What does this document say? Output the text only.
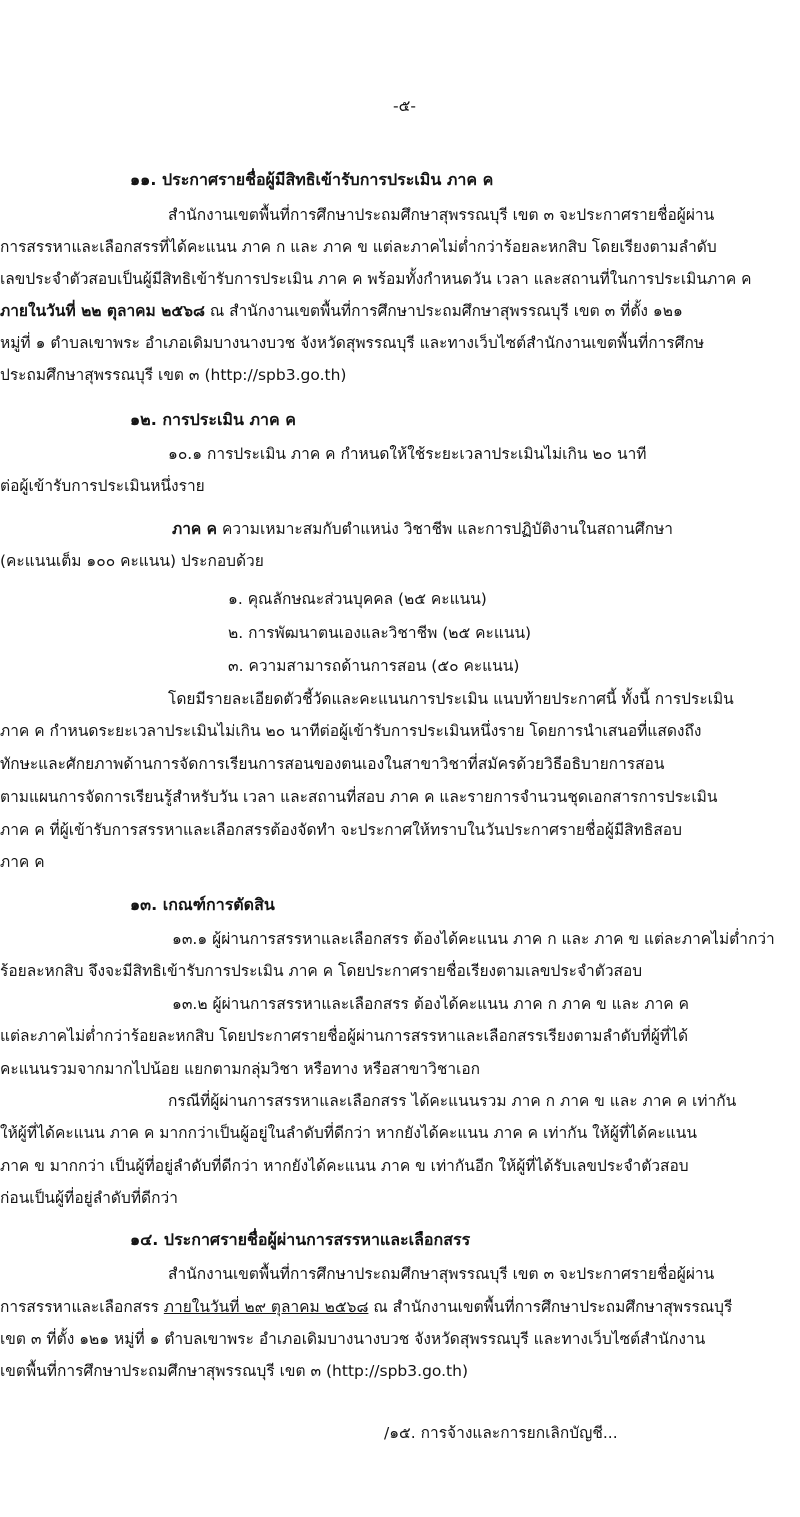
-๕-

๑๑. ประกาศรายชื่อผู้มีสิทธิเข้ารับการประเมิน ภาค ค

สำนักงานเขตพื้นที่การศึกษาประถมศึกษาสุพรรณบุรี เขต ๓ จะประกาศรายชื่อผู้ผ่าน

การสรรหาและเลือกสรรที่ได้คะแนน ภาค ก และ ภาค ข แต่ละภาคไม่ต่ำกว่าร้อยละหกสิบ โดยเรียงตามลำดับ

เลขประจำตัวสอบเป็นผู้มีสิทธิเข้ารับการประเมิน ภาค ค พร้อมทั้งกำหนดวัน เวลา และสถานที่ในการประเมินภาค ค

ภายในวันที่ ๒๒ ตุลาคม ๒๕๖๘ ณ สำนักงานเขตพื้นที่การศึกษาประถมศึกษาสุพรรณบุรี เขต ๓ ที่ตั้ง ๑๒๑

หมู่ที่ ๑ ตำบลเขาพระ อำเภอเดิมบางนางบวช จังหวัดสุพรรณบุรี และทางเว็บไซต์สำนักงานเขตพื้นที่การศึกษ

ประถมศึกษาสุพรรณบุรี เขต ๓ (http://spb3.go.th)

๑๒. การประเมิน ภาค ค

๑๐.๑ การประเมิน ภาค ค กำหนดให้ใช้ระยะเวลาประเมินไม่เกิน ๒๐ นาที

ต่อผู้เข้ารับการประเมินหนึ่งราย

ภาค ค ความเหมาะสมกับตำแหน่ง วิชาชีพ และการปฏิบัติงานในสถานศึกษา

(คะแนนเต็ม ๑๐๐ คะแนน) ประกอบด้วย

๑. คุณลักษณะส่วนบุคคล (๒๕ คะแนน)

๒. การพัฒนาตนเองและวิชาชีพ (๒๕ คะแนน)

๓. ความสามารถด้านการสอน (๕๐ คะแนน)

โดยมีรายละเอียดตัวชี้วัดและคะแนนการประเมิน แนบท้ายประกาศนี้ ทั้งนี้ การประเมิน

ภาค ค กำหนดระยะเวลาประเมินไม่เกิน ๒๐ นาทีต่อผู้เข้ารับการประเมินหนึ่งราย โดยการนำเสนอที่แสดงถึง

ทักษะและศักยภาพด้านการจัดการเรียนการสอนของตนเองในสาขาวิชาที่สมัครด้วยวิธีอธิบายการสอน

ตามแผนการจัดการเรียนรู้สำหรับวัน เวลา และสถานที่สอบ ภาค ค และรายการจำนวนชุดเอกสารการประเมิน

ภาค ค ที่ผู้เข้ารับการสรรหาและเลือกสรรต้องจัดทำ จะประกาศให้ทราบในวันประกาศรายชื่อผู้มีสิทธิสอบ

ภาค ค

๑๓. เกณฑ์การตัดสิน

๑๓.๑ ผู้ผ่านการสรรหาและเลือกสรร ต้องได้คะแนน ภาค ก และ ภาค ข แต่ละภาคไม่ต่ำกว่า

ร้อยละหกสิบ จึงจะมีสิทธิเข้ารับการประเมิน ภาค ค โดยประกาศรายชื่อเรียงตามเลขประจำตัวสอบ

๑๓.๒ ผู้ผ่านการสรรหาและเลือกสรร ต้องได้คะแนน ภาค ก ภาค ข และ ภาค ค

แต่ละภาคไม่ต่ำกว่าร้อยละหกสิบ โดยประกาศรายชื่อผู้ผ่านการสรรหาและเลือกสรรเรียงตามลำดับที่ผู้ที่ได้

คะแนนรวมจากมากไปน้อย แยกตามกลุ่มวิชา หรือทาง หรือสาขาวิชาเอก

กรณีที่ผู้ผ่านการสรรหาและเลือกสรร ได้คะแนนรวม ภาค ก ภาค ข และ ภาค ค เท่ากัน

ให้ผู้ที่ได้คะแนน ภาค ค มากกว่าเป็นผู้อยู่ในลำดับที่ดีกว่า หากยังได้คะแนน ภาค ค เท่ากัน ให้ผู้ที่ได้คะแนน

ภาค ข มากกว่า เป็นผู้ที่อยู่ลำดับที่ดีกว่า หากยังได้คะแนน ภาค ข เท่ากันอีก ให้ผู้ที่ได้รับเลขประจำตัวสอบ

ก่อนเป็นผู้ที่อยู่ลำดับที่ดีกว่า

๑๔. ประกาศรายชื่อผู้ผ่านการสรรหาและเลือกสรร

สำนักงานเขตพื้นที่การศึกษาประถมศึกษาสุพรรณบุรี เขต ๓ จะประกาศรายชื่อผู้ผ่าน

การสรรหาและเลือกสรร ภายในวันที่ ๒๙ ตุลาคม ๒๕๖๘ ณ สำนักงานเขตพื้นที่การศึกษาประถมศึกษาสุพรรณบุรี

เขต ๓ ที่ตั้ง ๑๒๑ หมู่ที่ ๑ ตำบลเขาพระ อำเภอเดิมบางนางบวช จังหวัดสุพรรณบุรี และทางเว็บไซต์สำนักงาน

เขตพื้นที่การศึกษาประถมศึกษาสุพรรณบุรี เขต ๓ (http://spb3.go.th)

/๑๕. การจ้างและการยกเลิกบัญชี...
